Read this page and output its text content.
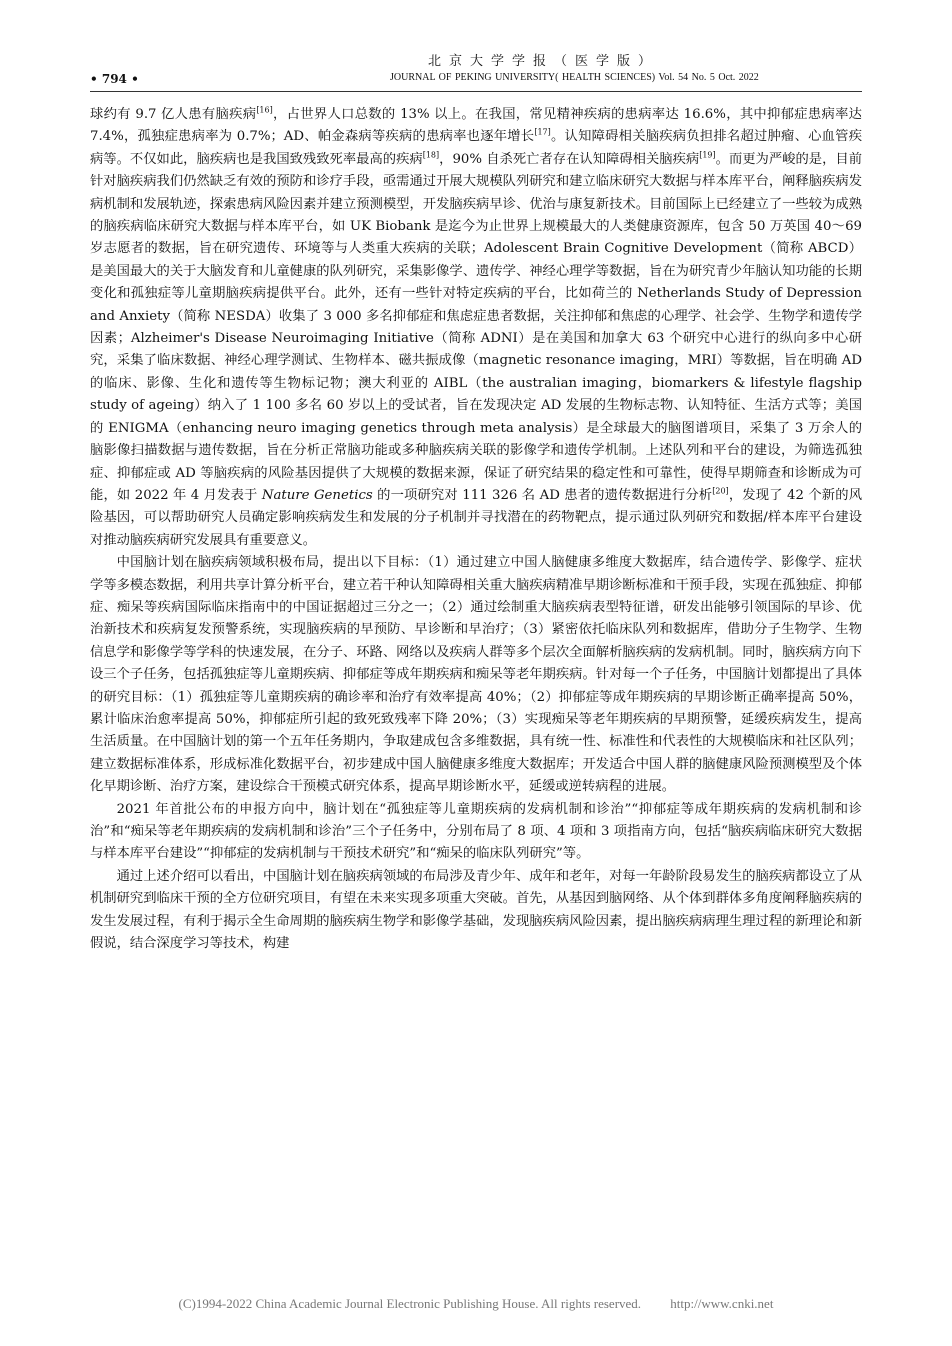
• 794 •
北京大学学报（医学版）
JOURNAL OF PEKING UNIVERSITY( HEALTH SCIENCES) Vol. 54 No. 5 Oct. 2022

球约有 9.7 亿人患有脑疾病[16]，占世界人口总数的 13% 以上。在我国，常见精神疾病的患病率达 16.6%，其中抑郁症患病率达 7.4%，孤独症患病率为 0.7%；AD、帕金森病等疾病的患病率也逐年增长[17]。认知障碍相关脑疾病负担排名超过肿瘤、心血管疾病等。不仅如此，脑疾病也是我国致残致死率最高的疾病[18]，90% 自杀死亡者存在认知障碍相关脑疾病[19]。而更为严峻的是，目前针对脑疾病我们仍然缺乏有效的预防和诊疗手段，亟需通过开展大规模队列研究和建立临床研究大数据与样本库平台，阐释脑疾病发病机制和发展轨迹，探索患病风险因素并建立预测模型，开发脑疾病早诊、优治与康复新技术。目前国际上已经建立了一些较为成熟的脑疾病临床研究大数据与样本库平台，如 UK Biobank 是迄今为止世界上规模最大的人类健康资源库，包含 50 万英国 40～69 岁志愿者的数据，旨在研究遗传、环境等与人类重大疾病的关联；Adolescent Brain Cognitive Development（简称 ABCD）是美国最大的关于大脑发育和儿童健康的队列研究，采集影像学、遗传学、神经心理学等数据，旨在为研究青少年脑认知功能的长期变化和孤独症等儿童期脑疾病提供平台。此外，还有一些针对特定疾病的平台，比如荷兰的 Netherlands Study of Depression and Anxiety（简称 NESDA）收集了 3 000 多名抑郁症和焦虑症患者数据，关注抑郁和焦虑的心理学、社会学、生物学和遗传学因素；Alzheimer's Disease Neuroimaging Initiative（简称 ADNI）是在美国和加拿大 63 个研究中心进行的纵向多中心研究，采集了临床数据、神经心理学测试、生物样本、磁共振成像（magnetic resonance imaging，MRI）等数据，旨在明确 AD 的临床、影像、生化和遗传等生物标记物；澳大利亚的 AIBL（the australian imaging，biomarkers & lifestyle flagship study of ageing）纳入了 1 100 多名 60 岁以上的受试者，旨在发现决定 AD 发展的生物标志物、认知特征、生活方式等；美国的 ENIGMA（enhancing neuro imaging genetics through meta analysis）是全球最大的脑图谱项目，采集了 3 万余人的脑影像扫描数据与遗传数据，旨在分析正常脑功能或多种脑疾病关联的影像学和遗传学机制。上述队列和平台的建设，为筛选孤独症、抑郁症或 AD 等脑疾病的风险基因提供了大规模的数据来源，保证了研究结果的稳定性和可靠性，使得早期筛查和诊断成为可能，如 2022 年 4 月发表于 Nature Genetics 的一项研究对 111 326 名 AD 患者的遗传数据进行分析[20]，发现了 42 个新的风险基因，可以帮助研究人员确定影响疾病发生和发展的分子机制并寻找潜在的药物靶点，提示通过队列研究和数据/样本库平台建设对推动脑疾病研究发展具有重要意义。

中国脑计划在脑疾病领域积极布局，提出以下目标：（1）通过建立中国人脑健康多维度大数据库，结合遗传学、影像学、症状学等多模态数据，利用共享计算分析平台，建立若干种认知障碍相关重大脑疾病精准早期诊断标准和干预手段，实现在孤独症、抑郁症、痴呆等疾病国际临床指南中的中国证据超过三分之一；（2）通过绘制重大脑疾病表型特征谱，研发出能够引领国际的早诊、优治新技术和疾病复发预警系统，实现脑疾病的早预防、早诊断和早治疗；（3）紧密依托临床队列和数据库，借助分子生物学、生物信息学和影像学等学科的快速发展，在分子、环路、网络以及疾病人群等多个层次全面解析脑疾病的发病机制。同时，脑疾病方向下设三个子任务，包括孤独症等儿童期疾病、抑郁症等成年期疾病和痴呆等老年期疾病。针对每一个子任务，中国脑计划都提出了具体的研究目标：（1）孤独症等儿童期疾病的确诊率和治疗有效率提高 40%；（2）抑郁症等成年期疾病的早期诊断正确率提高 50%，累计临床治愈率提高 50%，抑郁症所引起的致死致残率下降 20%；（3）实现痴呆等老年期疾病的早期预警，延缓疾病发生，提高生活质量。在中国脑计划的第一个五年任务期内，争取建成包含多维数据，具有统一性、标准性和代表性的大规模临床和社区队列；建立数据标准体系，形成标准化数据平台，初步建成中国人脑健康多维度大数据库；开发适合中国人群的脑健康风险预测模型及个体化早期诊断、治疗方案，建设综合干预模式研究体系，提高早期诊断水平，延缓或逆转病程的进展。

2021 年首批公布的申报方向中，脑计划在“孤独症等儿童期疾病的发病机制和诊治”“抑郁症等成年期疾病的发病机制和诊治”和“痴呆等老年期疾病的发病机制和诊治”三个子任务中，分别布局了 8 项、4 项和 3 项指南方向，包括“脑疾病临床研究大数据与样本库平台建设”“抑郁症的发病机制与干预技术研究”和“痴呆的临床队列研究”等。

通过上述介绍可以看出，中国脑计划在脑疾病领域的布局涉及青少年、成年和老年，对每一年龄阶段易发生的脑疾病都设立了从机制研究到临床干预的全方位研究项目，有望在未来实现多项重大突破。首先，从基因到脑网络、从个体到群体多角度阐释脑疾病的发生发展过程，有利于揭示全生命周期的脑疾病生物学和影像学基础，发现脑疾病风险因素，提出脑疾病病理生理过程的新理论和新假说，结合深度学习等技术，构建

(C)1994-2022 China Academic Journal Electronic Publishing House. All rights reserved. http://www.cnki.net
